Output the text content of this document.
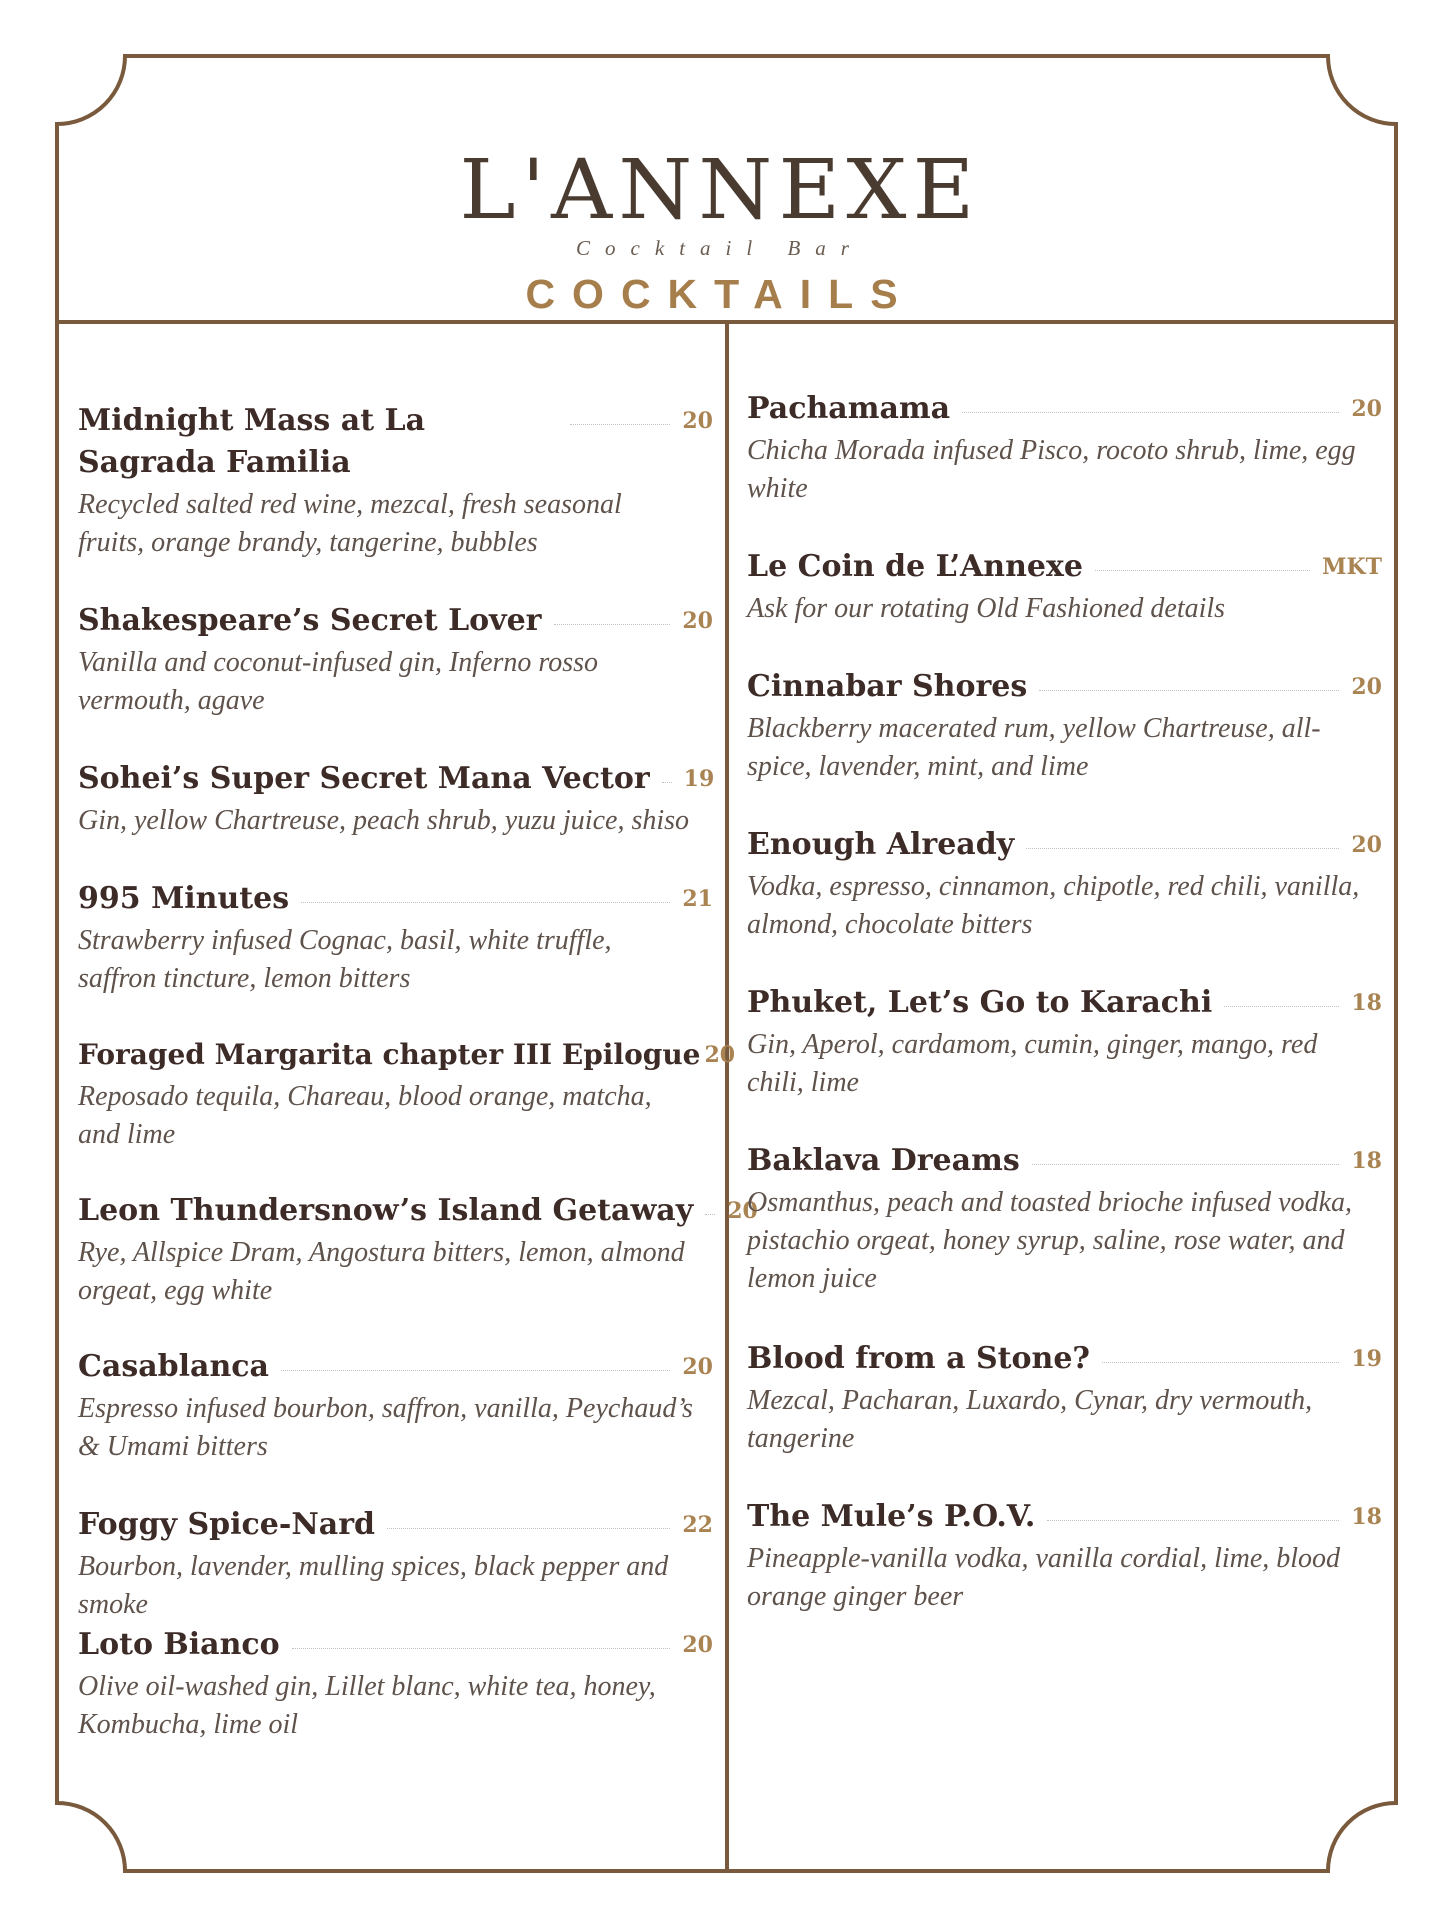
L'ANNEXE
Cocktail Bar
COCKTAILS
Midnight Mass at La Sagrada Familia
20
Recycled salted red wine, mezcal, fresh seasonal fruits, orange brandy, tangerine, bubbles
Shakespeare’s Secret Lover	20
Vanilla and coconut-infused gin, Inferno rosso vermouth, agave
Sohei’s Super Secret Mana Vector 19
Gin, yellow Chartreuse, peach shrub, yuzu juice, shiso
995 Minutes	21
Strawberry infused Cognac, basil, white truffle, saffron tincture, lemon bitters
Foraged Margarita chapter III Epilogue 20
Reposado tequila, Chareau, blood orange, matcha, and lime
Leon Thundersnow’s Island Getaway 20
Rye, Allspice Dram, Angostura bitters, lemon, almond orgeat, egg white
Casablanca	20
Espresso infused bourbon, saffron, vanilla, Peychaud’s & Umami bitters
Foggy Spice-Nard	22
Bourbon, lavender, mulling spices, black pepper and smoke
Loto Bianco	20
Olive oil-washed gin, Lillet blanc, white tea, honey, Kombucha, lime oil
Pachamama	20
Chicha Morada infused Pisco, rocoto shrub, lime, egg white
Le Coin de L’Annexe	MKT
Ask for our rotating Old Fashioned details
Cinnabar Shores	20
Blackberry macerated rum, yellow Chartreuse, all-spice, lavender, mint, and lime
Enough Already	20
Vodka, espresso, cinnamon, chipotle, red chili, vanilla, almond, chocolate bitters
Phuket, Let’s Go to Karachi	18
Gin, Aperol, cardamom, cumin, ginger, mango, red chili, lime
Baklava Dreams	18
Osmanthus, peach and toasted brioche infused vodka, pistachio orgeat, honey syrup, saline, rose water, and lemon juice
Blood from a Stone?	19
Mezcal, Pacharan, Luxardo, Cynar, dry vermouth, tangerine
The Mule’s P.O.V.	18
Pineapple-vanilla vodka, vanilla cordial, lime, blood orange ginger beer
